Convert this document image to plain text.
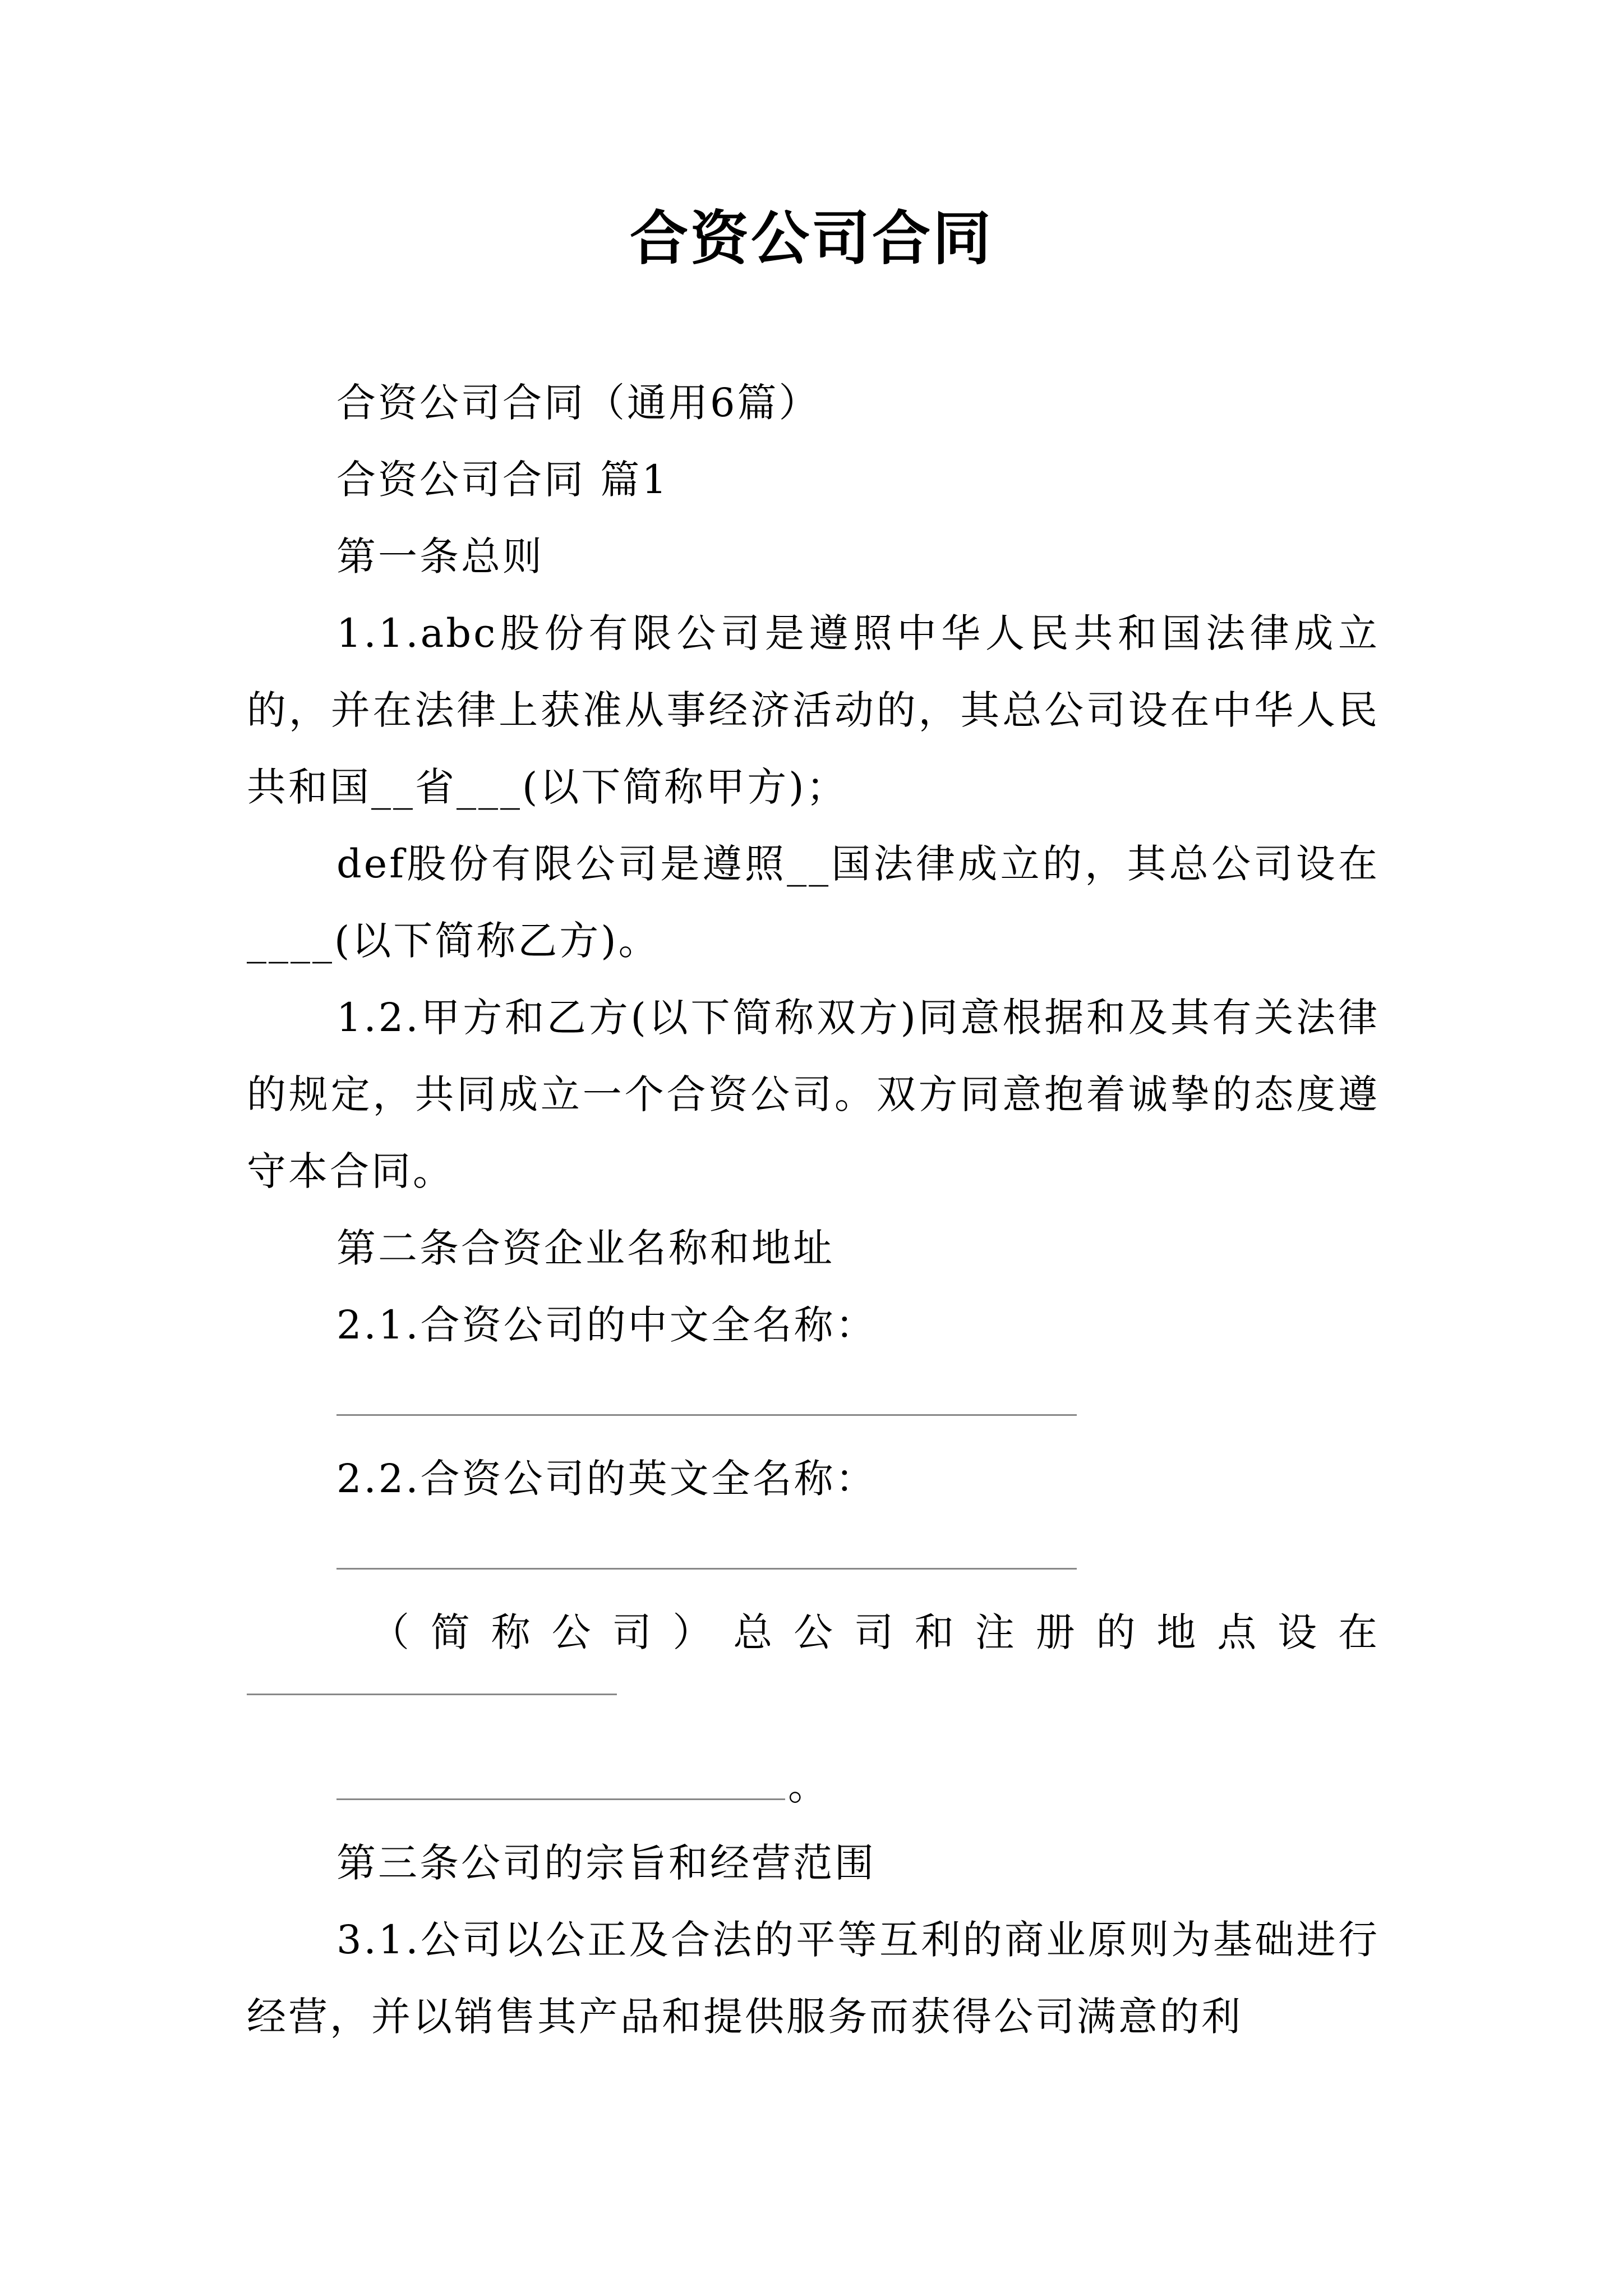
合资公司合同

合资公司合同（通用6篇）

合资公司合同 篇1

第一条总则

1.1.abc股份有限公司是遵照中华人民共和国法律成立的，并在法律上获准从事经济活动的，其总公司设在中华人民共和国__省___(以下简称甲方)；

def股份有限公司是遵照__国法律成立的，其总公司设在____(以下简称乙方)。

1.2.甲方和乙方(以下简称双方)同意根据和及其有关法律的规定，共同成立一个合资公司。双方同意抱着诚挚的态度遵守本合同。

第二条合资企业名称和地址

2.1.合资公司的中文全名称：

2.2.合资公司的英文全名称：

（ 简 称 公 司 ） 总 公 司 和 注 册 的 地 点 设 在
。

第三条公司的宗旨和经营范围

3.1.公司以公正及合法的平等互利的商业原则为基础进行经营，并以销售其产品和提供服务而获得公司满意的利
